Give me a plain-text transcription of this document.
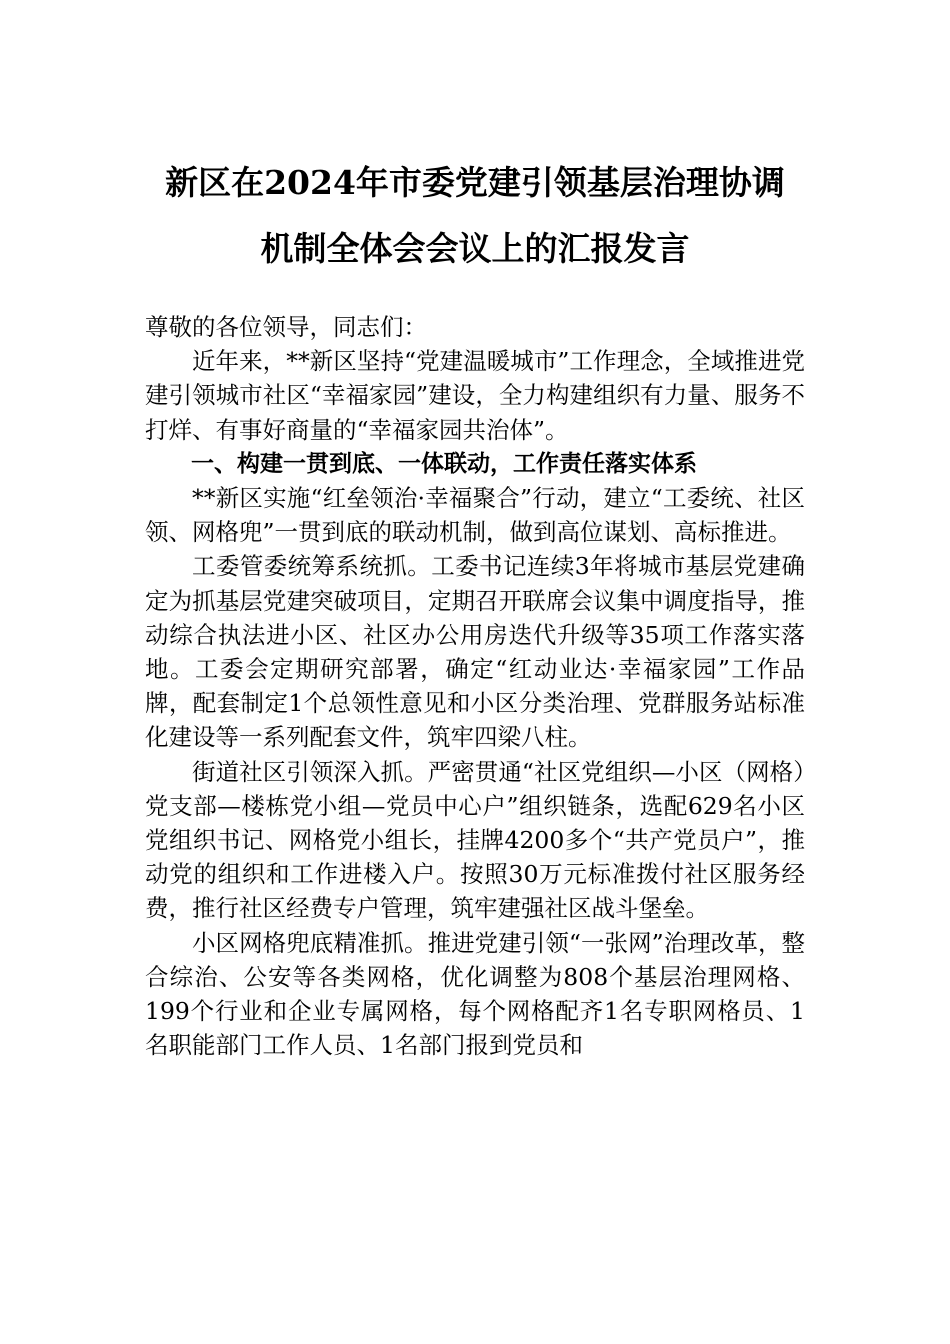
新区在2024年市委党建引领基层治理协调
机制全体会会议上的汇报发言

尊敬的各位领导，同志们：

近年来，**新区坚持“党建温暖城市”工作理念，全域推进党建引领城市社区“幸福家园”建设，全力构建组织有力量、服务不打烊、有事好商量的“幸福家园共治体”。

一、构建一贯到底、一体联动，工作责任落实体系

**新区实施“红垒领治·幸福聚合”行动，建立“工委统、社区领、网格兜”一贯到底的联动机制，做到高位谋划、高标推进。

工委管委统筹系统抓。工委书记连续3年将城市基层党建确定为抓基层党建突破项目，定期召开联席会议集中调度指导，推动综合执法进小区、社区办公用房迭代升级等35项工作落实落地。工委会定期研究部署，确定“红动业达·幸福家园”工作品牌，配套制定1个总领性意见和小区分类治理、党群服务站标准化建设等一系列配套文件，筑牢四梁八柱。

街道社区引领深入抓。严密贯通“社区党组织—小区（网格）党支部—楼栋党小组—党员中心户”组织链条，选配629名小区党组织书记、网格党小组长，挂牌4200多个“共产党员户”，推动党的组织和工作进楼入户。按照30万元标准拨付社区服务经费，推行社区经费专户管理，筑牢建强社区战斗堡垒。

小区网格兜底精准抓。推进党建引领“一张网”治理改革，整合综治、公安等各类网格，优化调整为808个基层治理网格、199个行业和企业专属网格，每个网格配齐1名专职网格员、1名职能部门工作人员、1名部门报到党员和
